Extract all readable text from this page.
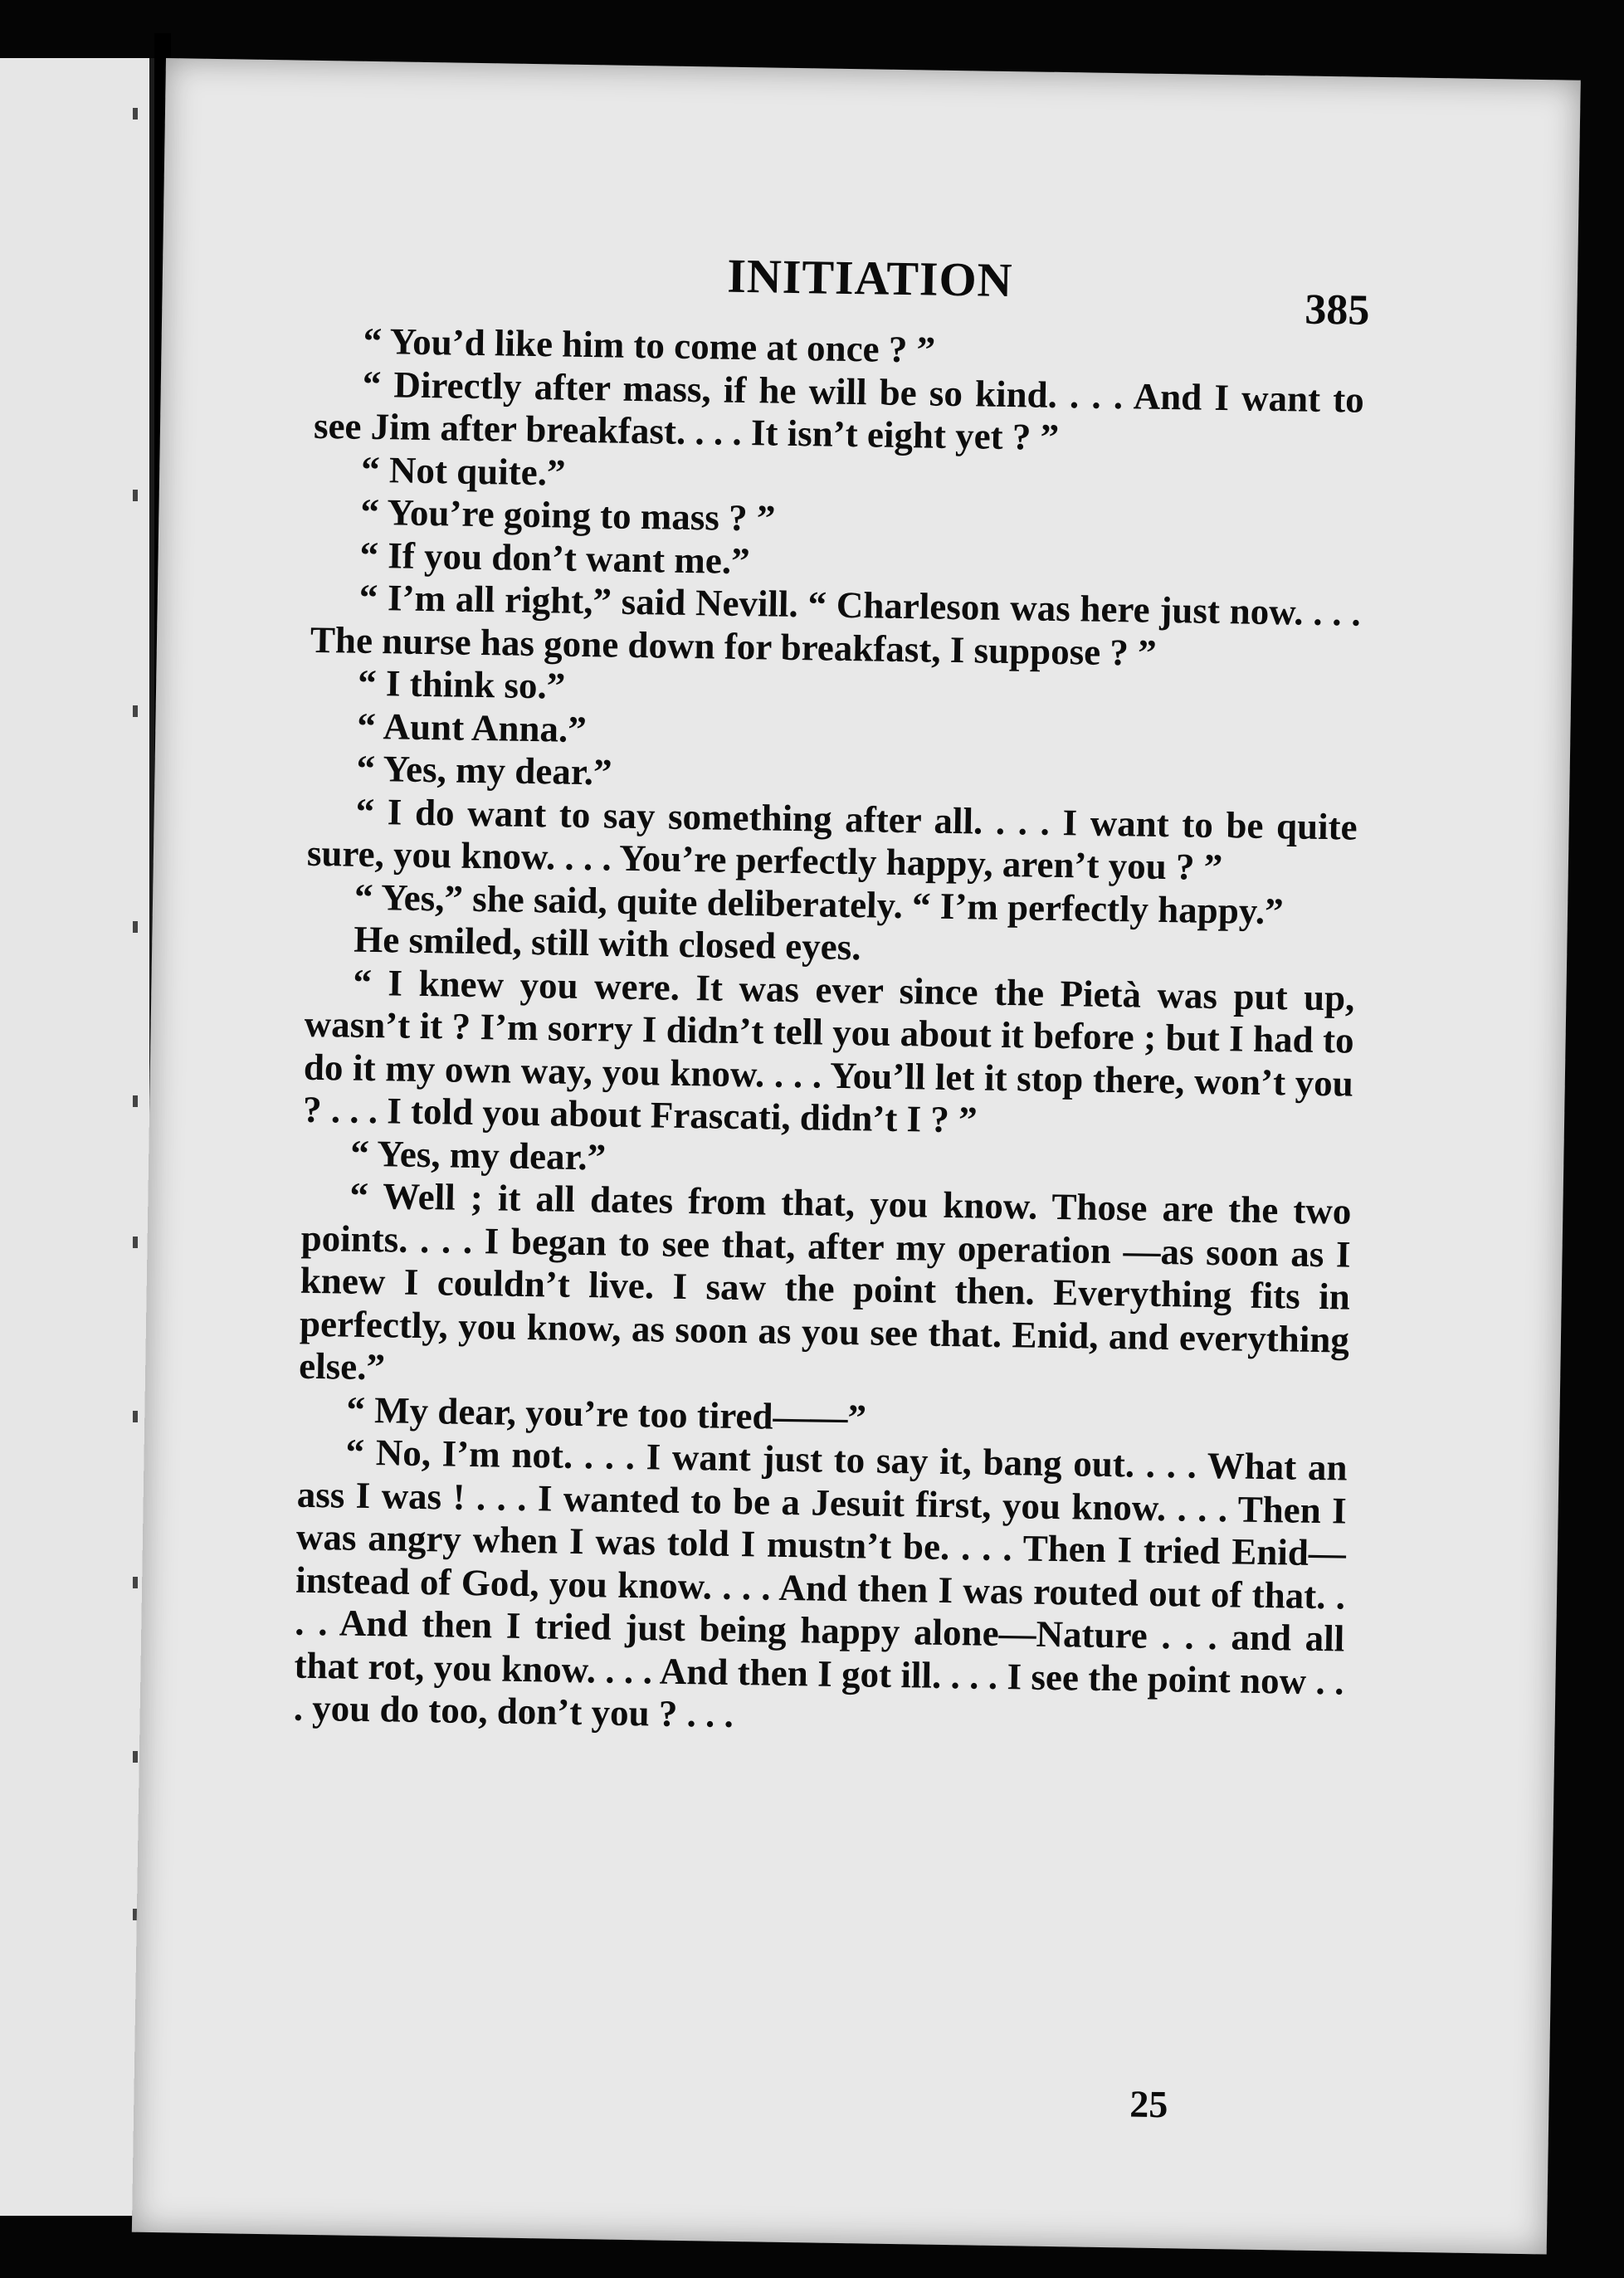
INITIATION
385

“ You’d like him to come at once ? ”

“ Directly after mass, if he will be so kind. . . . And I want to see Jim after breakfast. . . . It isn’t eight yet ? ”

“ Not quite.”

“ You’re going to mass ? ”

“ If you don’t want me.”

“ I’m all right,” said Nevill. “ Charleson was here just now. . . . The nurse has gone down for breakfast, I suppose ? ”

“ I think so.”

“ Aunt Anna.”

“ Yes, my dear.”

“ I do want to say something after all. . . . I want to be quite sure, you know. . . . You’re perfectly happy, aren’t you ? ”

“ Yes,” she said, quite deliberately. “ I’m perfectly happy.”

He smiled, still with closed eyes.

“ I knew you were. It was ever since the Pietà was put up, wasn’t it ? I’m sorry I didn’t tell you about it before ; but I had to do it my own way, you know. . . . You’ll let it stop there, won’t you ? . . . I told you about Frascati, didn’t I ? ”

“ Yes, my dear.”

“ Well ; it all dates from that, you know. Those are the two points. . . . I began to see that, after my operation —as soon as I knew I couldn’t live. I saw the point then. Everything fits in perfectly, you know, as soon as you see that. Enid, and everything else.”

“ My dear, you’re too tired——”

“ No, I’m not. . . . I want just to say it, bang out. . . . What an ass I was ! . . . I wanted to be a Jesuit first, you know. . . . Then I was angry when I was told I mustn’t be. . . . Then I tried Enid—instead of God, you know. . . . And then I was routed out of that. . . . And then I tried just being happy alone—Nature . . . and all that rot, you know. . . . And then I got ill. . . . I see the point now . . . you do too, don’t you ? . . .

25
